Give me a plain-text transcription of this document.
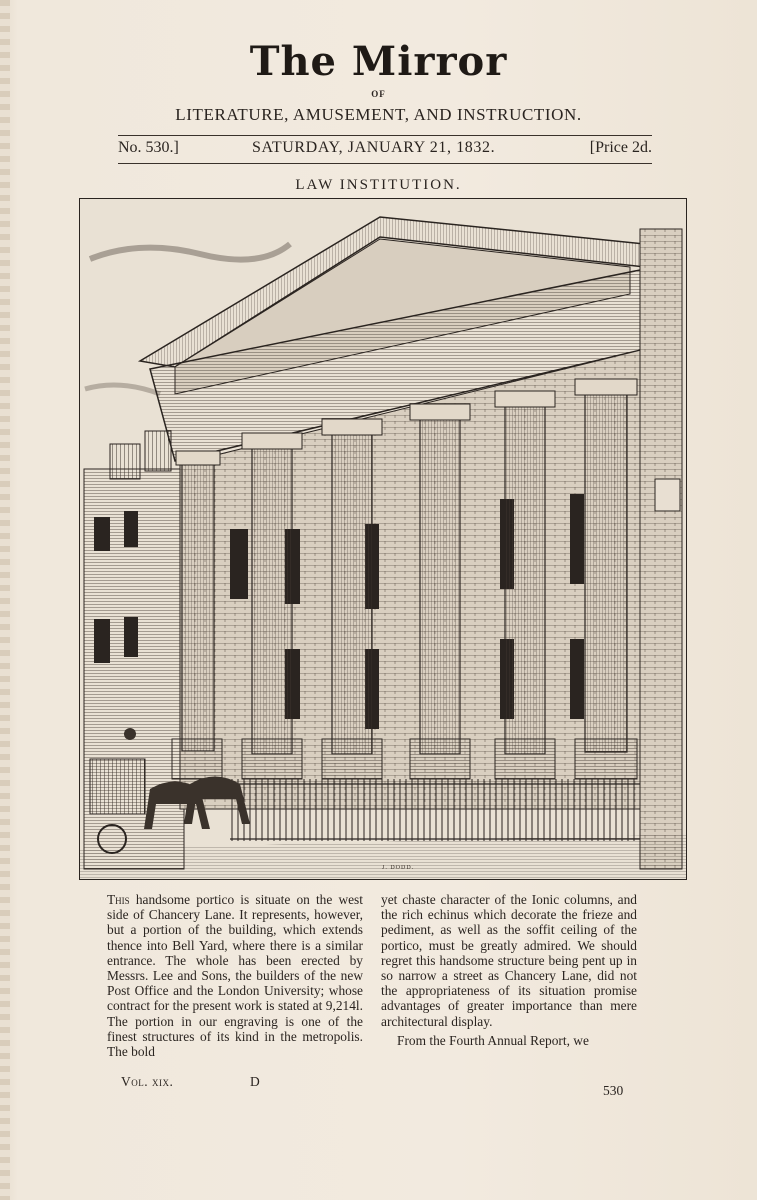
The Mirror
OF
LITERATURE, AMUSEMENT, AND INSTRUCTION.
No. 530.]	SATURDAY, JANUARY 21, 1832.	[Price 2d.
LAW INSTITUTION.
J. DODD.

This handsome portico is situate on the west side of Chancery Lane. It represents, however, but a portion of the building, which extends thence into Bell Yard, where there is a similar entrance. The whole has been erected by Messrs. Lee and Sons, the builders of the new Post Office and the London University; whose contract for the present work is stated at 9,214l. The portion in our engraving is one of the finest structures of its kind in the metropolis. The bold

yet chaste character of the Ionic columns, and the rich echinus which decorate the frieze and pediment, as well as the soffit ceiling of the portico, must be greatly admired. We should regret this handsome structure being pent up in so narrow a street as Chancery Lane, did not the appropriateness of its situation promise advantages of greater importance than mere architectural display.

From the Fourth Annual Report, we

Vol. xix.	D
530
